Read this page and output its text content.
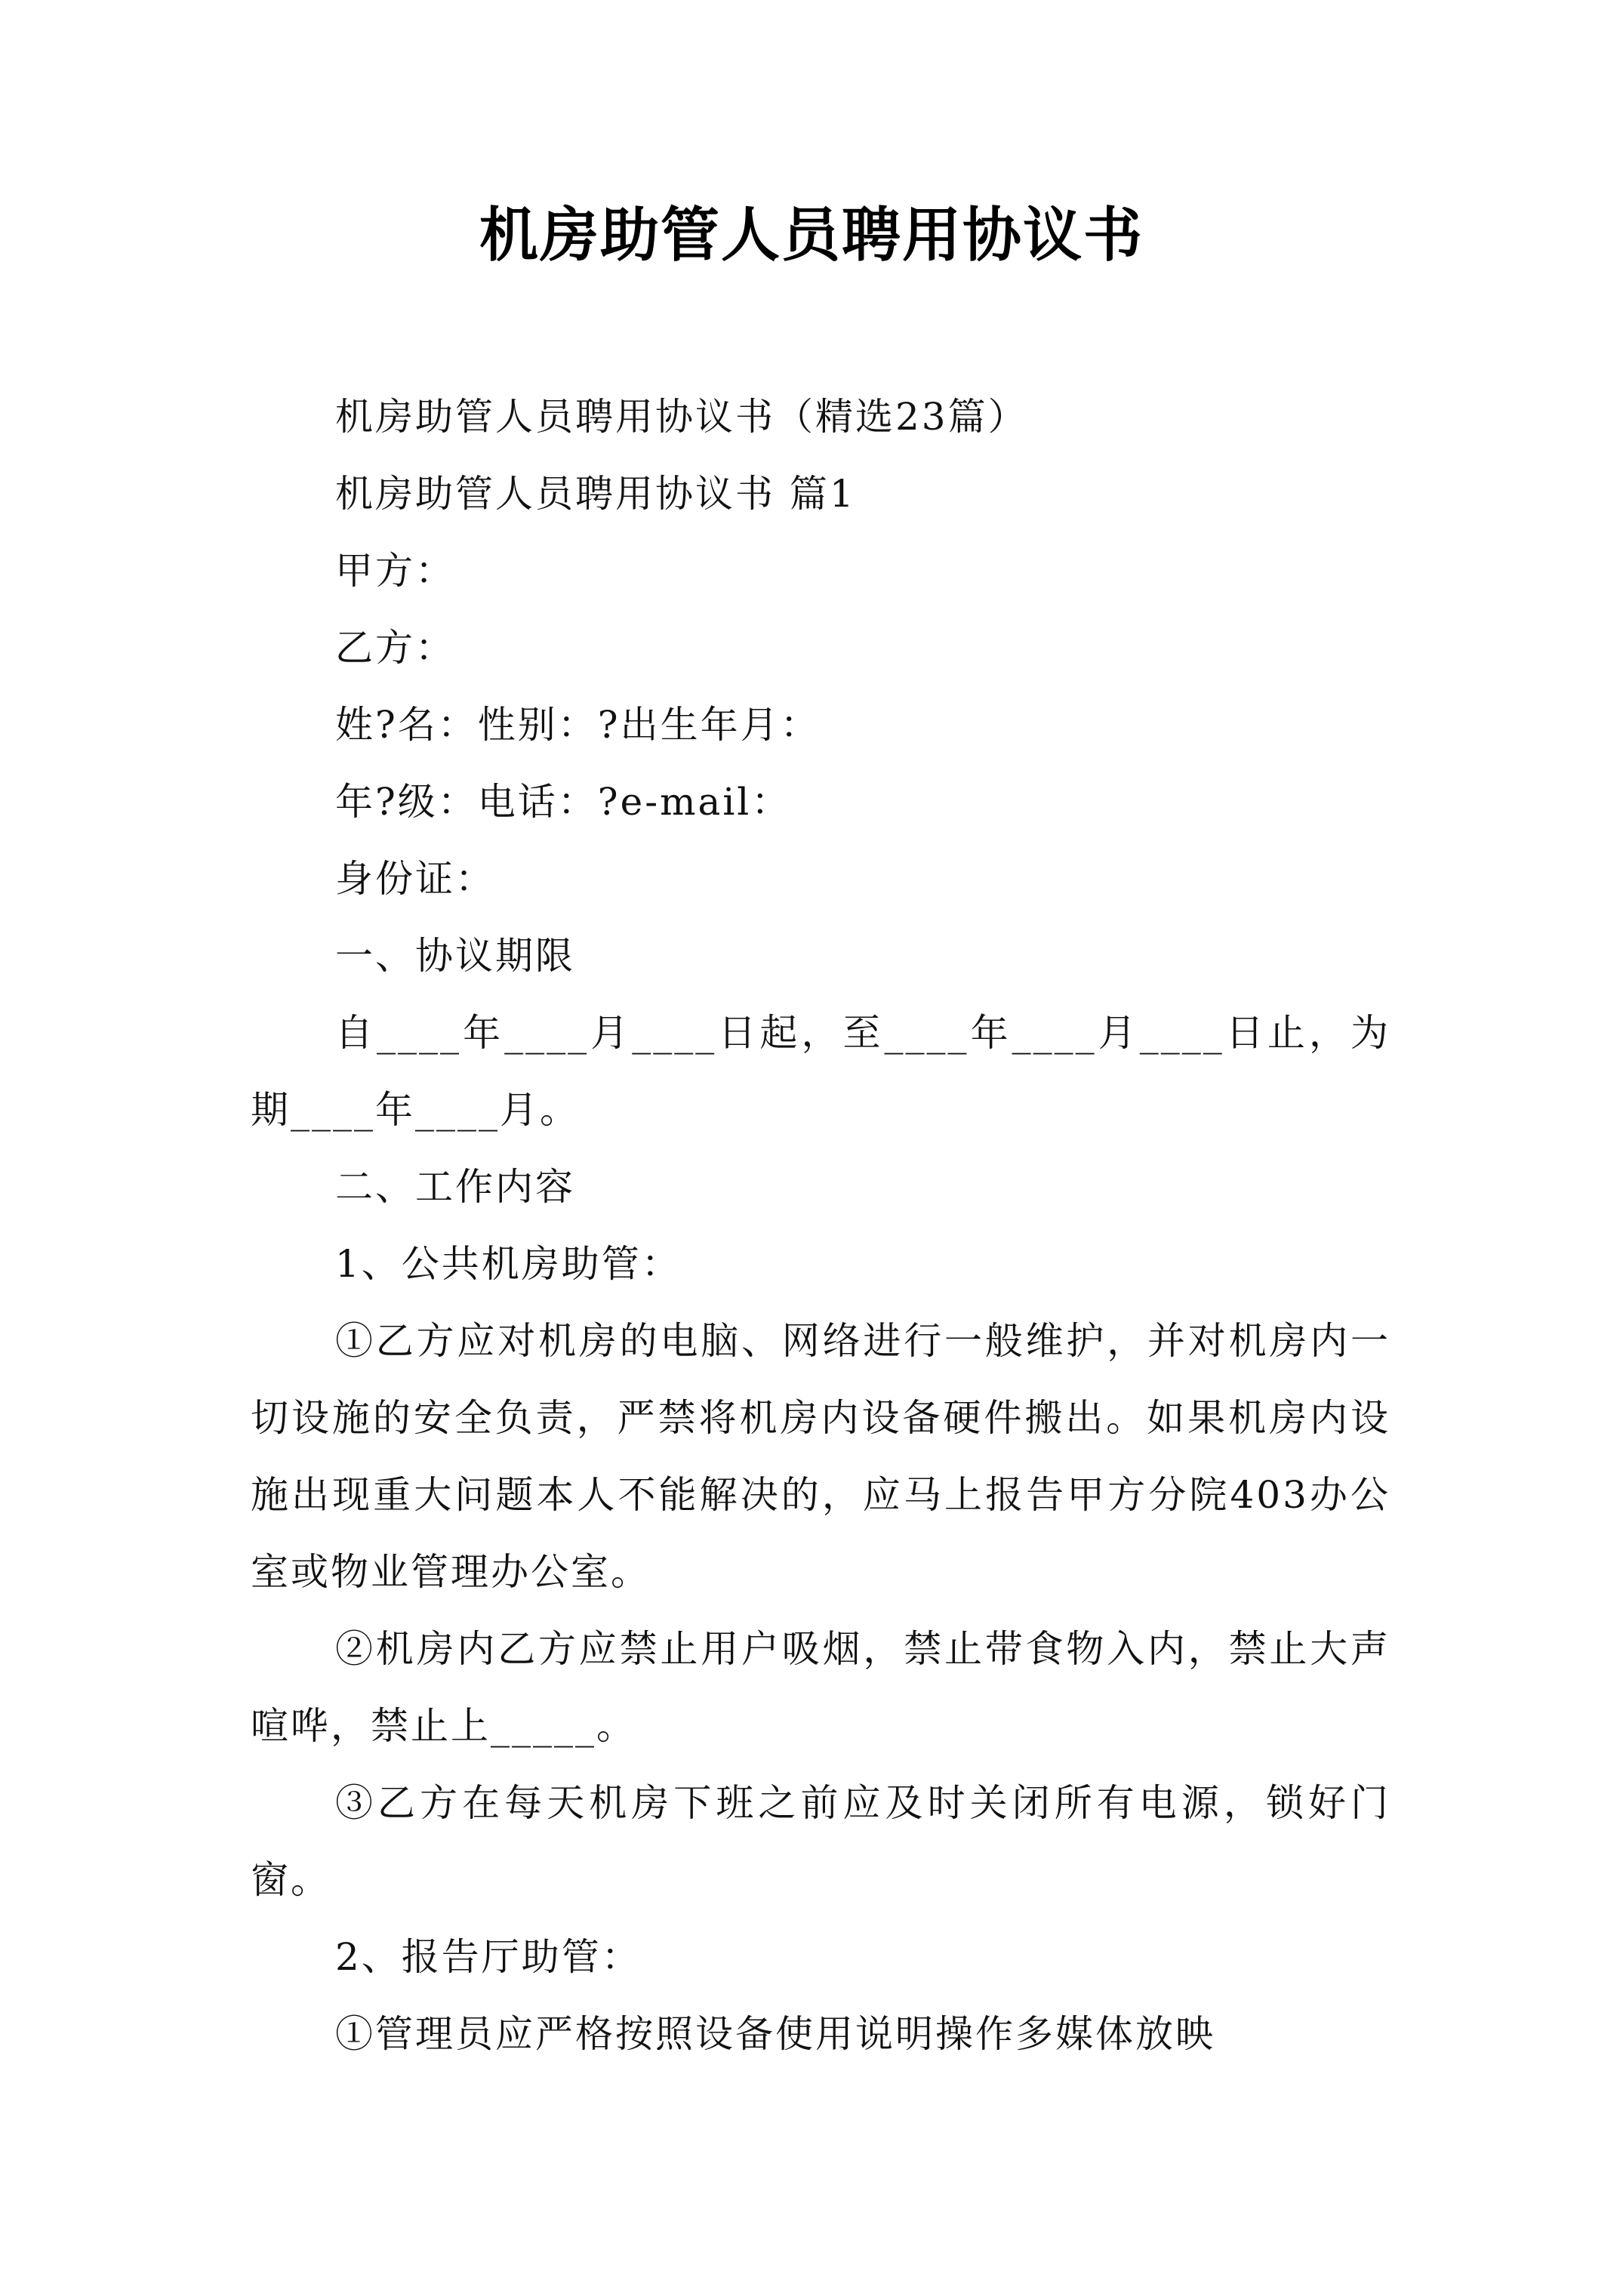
机房助管人员聘用协议书

机房助管人员聘用协议书（精选23篇）

机房助管人员聘用协议书 篇1

甲方：

乙方：

姓?名：性别：?出生年月：

年?级：电话：?e-mail：

身份证：

一、协议期限

自____年____月____日起，至____年____月____日止，为期____年____月。

二、工作内容

1、公共机房助管：

①乙方应对机房的电脑、网络进行一般维护，并对机房内一切设施的安全负责，严禁将机房内设备硬件搬出。如果机房内设施出现重大问题本人不能解决的，应马上报告甲方分院403办公室或物业管理办公室。

②机房内乙方应禁止用户吸烟，禁止带食物入内，禁止大声喧哗，禁止上_____。

③乙方在每天机房下班之前应及时关闭所有电源，锁好门窗。

2、报告厅助管：

①管理员应严格按照设备使用说明操作多媒体放映
